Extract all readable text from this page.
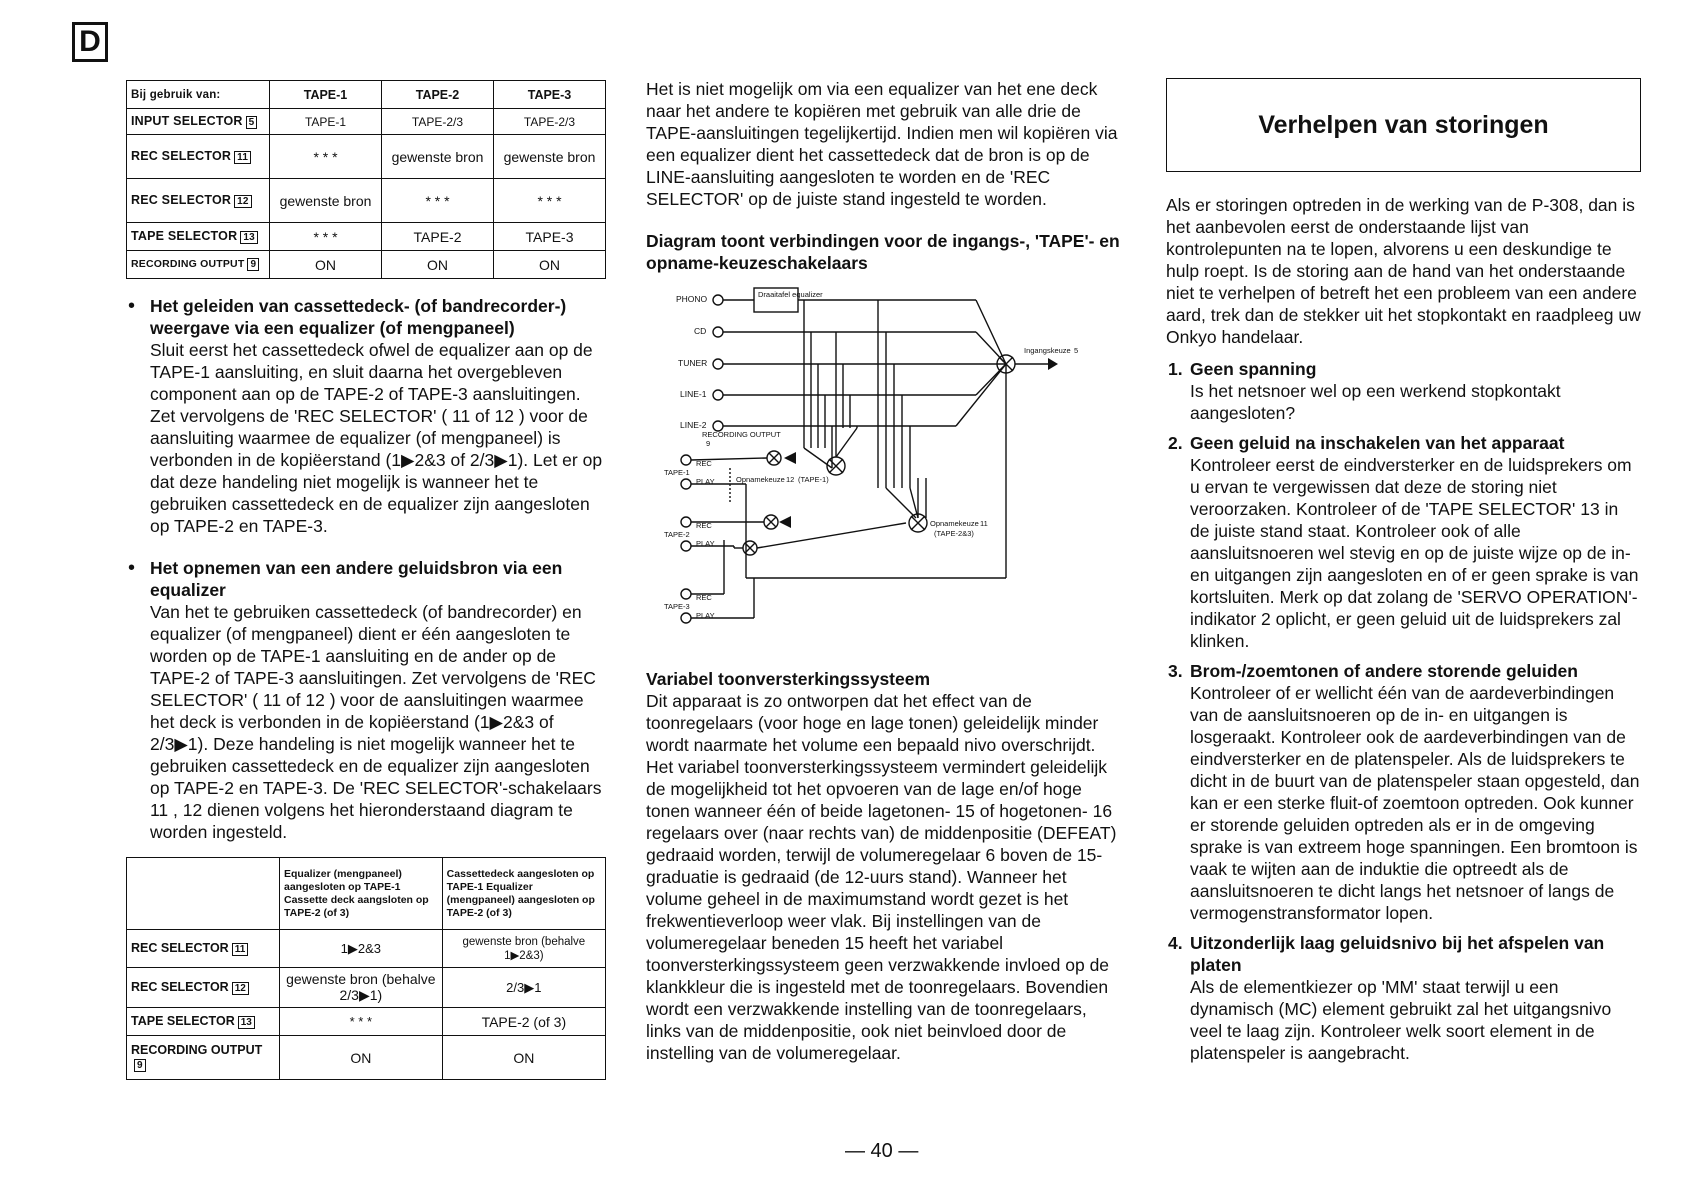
D
Bij gebruik van:	TAPE-1	TAPE-2	TAPE-3
INPUT SELECTOR 5	TAPE-1	TAPE-2/3	TAPE-2/3
REC SELECTOR 11	* * *	gewenste bron	gewenste bron
REC SELECTOR 12	gewenste bron	* * *	* * *
TAPE SELECTOR 13	* * *	TAPE-2	TAPE-3
RECORDING OUTPUT 9	ON	ON	ON
• Het geleiden van cassettedeck- (of bandrecorder-) weergave via een equalizer (of mengpaneel)
Sluit eerst het cassettedeck ofwel de equalizer aan op de TAPE-1 aansluiting, en sluit daarna het overgebleven component aan op de TAPE-2 of TAPE-3 aansluitingen. Zet vervolgens de 'REC SELECTOR' ( 11 of 12 ) voor de aansluiting waarmee de equalizer (of mengpaneel) is verbonden in de kopiëerstand (1▶2&3 of 2/3▶1). Let er op dat deze handeling niet mogelijk is wanneer het te gebruiken cassettedeck en de equalizer zijn aangesloten op TAPE-2 en TAPE-3.
• Het opnemen van een andere geluidsbron via een equalizer
Van het te gebruiken cassettedeck (of bandrecorder) en equalizer (of mengpaneel) dient er één aangesloten te worden op de TAPE-1 aansluiting en de ander op de TAPE-2 of TAPE-3 aansluitingen. Zet vervolgens de 'REC SELECTOR' ( 11 of 12 ) voor de aansluitingen waarmee het deck is verbonden in de kopiëerstand (1▶2&3 of 2/3▶1). Deze handeling is niet mogelijk wanneer het te gebruiken cassettedeck en de equalizer zijn aangesloten op TAPE-2 en TAPE-3. De 'REC SELECTOR'-schakelaars 11 , 12 dienen volgens het hieronderstaand diagram te worden ingesteld.
	Equalizer (mengpaneel) aangesloten op TAPE-1 Cassette deck aangsloten op TAPE-2 (of 3)	Cassettedeck aangesloten op TAPE-1 Equalizer (mengpaneel) aangesloten op TAPE-2 (of 3)
REC SELECTOR 11	1▶2&3	gewenste bron (behalve 1▶2&3)
REC SELECTOR 12	gewenste bron (behalve 2/3▶1)	2/3▶1
TAPE SELECTOR 13	* * *	TAPE-2 (of 3)
RECORDING OUTPUT9	ON	ON
Het is niet mogelijk om via een equalizer van het ene deck naar het andere te kopiëren met gebruik van alle drie de TAPE-aansluitingen tegelijkertijd. Indien men wil kopiëren via een equalizer dient het cassettedeck dat de bron is op de LINE-aansluiting aangesloten te worden en de 'REC SELECTOR' op de juiste stand ingesteld te worden.
Diagram toont verbindingen voor de ingangs-, 'TAPE'- en opname-keuzeschakelaars
PHONO
CD
TUNER
LINE-1
LINE-2
Draaitafel equalizer
Ingangskeuze 5
RECORDING OUTPUT
9
REC
TAPE-1
PLAY	Opnamekeuze 12 (TAPE-1)
REC
TAPE-2
PLAY
Opnamekeuze 11
(TAPE-2&3)
REC
TAPE-3
PLAY
Variabel toonversterkingssysteem
Dit apparaat is zo ontworpen dat het effect van de toonregelaars (voor hoge en lage tonen) geleidelijk minder wordt naarmate het volume een bepaald nivo overschrijdt. Het variabel toonversterkingssysteem vermindert geleidelijk de mogelijkheid tot het opvoeren van de lage en/of hoge tonen wanneer één of beide lagetonen- 15 of hogetonen- 16 regelaars over (naar rechts van) de middenpositie (DEFEAT) gedraaid worden, terwijl de volumeregelaar 6 boven de 15-graduatie is gedraaid (de 12-uurs stand). Wanneer het volume geheel in de maximumstand wordt gezet is het frekwentieverloop weer vlak. Bij instellingen van de volumeregelaar beneden 15 heeft het variabel toonversterkingssysteem geen verzwakkende invloed op de klankkleur die is ingesteld met de toonregelaars. Bovendien wordt een verzwakkende instelling van de toonregelaars, links van de middenpositie, ook niet beinvloed door de instelling van de volumeregelaar.
Verhelpen van storingen
Als er storingen optreden in de werking van de P-308, dan is het aanbevolen eerst de onderstaande lijst van kontrolepunten na te lopen, alvorens u een deskundige te hulp roept. Is de storing aan de hand van het onderstaande niet te verhelpen of betreft het een probleem van een andere aard, trek dan de stekker uit het stopkontakt en raadpleeg uw Onkyo handelaar.
1. Geen spanning
Is het netsnoer wel op een werkend stopkontakt aangesloten?
2. Geen geluid na inschakelen van het apparaat
Kontroleer eerst de eindversterker en de luidsprekers om u ervan te vergewissen dat deze de storing niet veroorzaken. Kontroleer of de 'TAPE SELECTOR' 13 in de juiste stand staat. Kontroleer ook of alle aansluitsnoeren wel stevig en op de juiste wijze op de in- en uitgangen zijn aangesloten en of er geen sprake is van kortsluiten. Merk op dat zolang de 'SERVO OPERATION'-indikator 2 oplicht, er geen geluid uit de luidsprekers zal klinken.
3. Brom-/zoemtonen of andere storende geluiden
Kontroleer of er wellicht één van de aardeverbindingen van de aansluitsnoeren op de in- en uitgangen is losgeraakt. Kontroleer ook de aardeverbindingen van de eindversterker en de platenspeler. Als de luidsprekers te dicht in de buurt van de platenspeler staan opgesteld, dan kan er een sterke fluit-of zoemtoon optreden. Ook kunner er storende geluiden optreden als er in de omgeving sprake is van extreem hoge spanningen. Een bromtoon is vaak te wijten aan de induktie die optreedt als de aansluitsnoeren te dicht langs het netsnoer of langs de vermogenstransformator lopen.
4. Uitzonderlijk laag geluidsnivo bij het afspelen van platen
Als de elementkiezer op 'MM' staat terwijl u een dynamisch (MC) element gebruikt zal het uitgangsnivo veel te laag zijn. Kontroleer welk soort element in de platenspeler is aangebracht.
— 40 —
